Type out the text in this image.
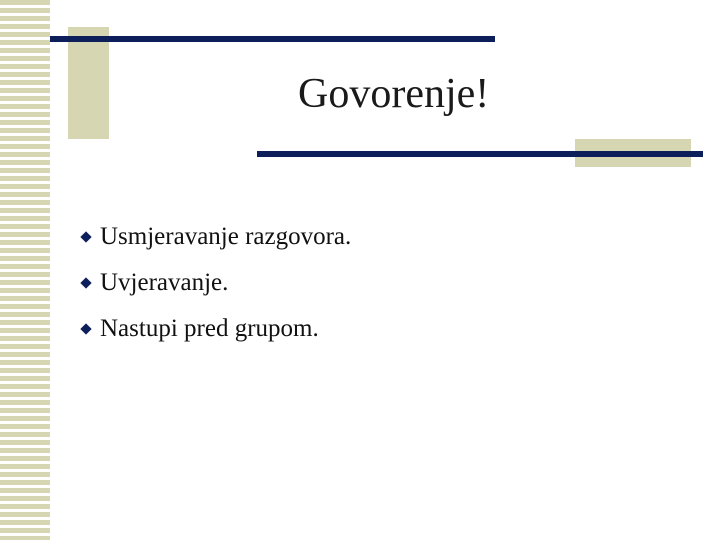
Govorenje!
Usmjeravanje razgovora.
Uvjeravanje.
Nastupi pred grupom.
